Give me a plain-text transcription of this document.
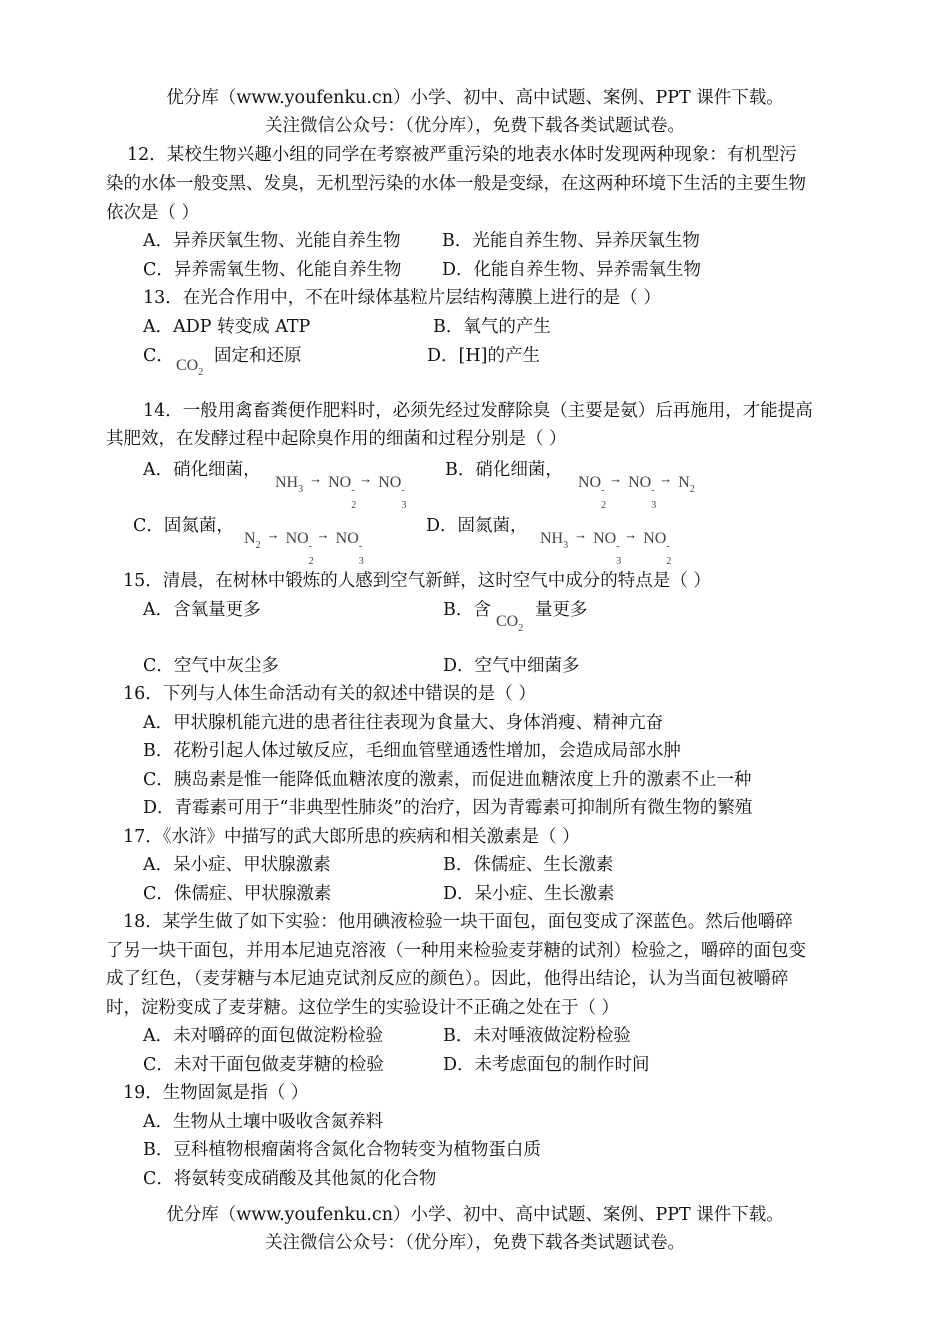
优分库（www.youfenku.cn）小学、初中、高中试题、案例、PPT 课件下载。
关注微信公众号：（优分库），免费下载各类试题试卷。
12．某校生物兴趣小组的同学在考察被严重污染的地表水体时发现两种现象：有机型污
染的水体一般变黑、发臭，无机型污染的水体一般是变绿，在这两种环境下生活的主要生物
依次是（ ）
A．异养厌氧生物、光能自养生物 B．光能自养生物、异养厌氧生物
C．异养需氧生物、化能自养生物 D．化能自养生物、异养需氧生物
13．在光合作用中，不在叶绿体基粒片层结构薄膜上进行的是（ ）
A．ADP 转变成 ATP	B．氧气的产生
C． $CO_2$
固定和还原	D．[H]的产生
14．一般用禽畜粪便作肥料时，必须先经过发酵除臭（主要是氨）后再施用，才能提高
其肥效，在发酵过程中起除臭作用的细菌和过程分别是（ ）
A．硝化细菌，
$NH_3^\to$ NO -
2
→ NO -
3
B．硝化细菌，
NO -
2
→ NO -
3
→ $N_2$
C．固氮菌，
$N_2^\to$ NO -
2
→ NO -
3
D．固氮菌，
$NH_3^\to$ NO -
3
→ NO -
2
15．清晨，在树林中锻炼的人感到空气新鲜，这时空气中成分的特点是（ ）
A．含氧量更多	B．含
$CO_2$
量更多
C．空气中灰尘多	D．空气中细菌多
16．下列与人体生命活动有关的叙述中错误的是（ ）
A．甲状腺机能亢进的患者往往表现为食量大、身体消瘦、精神亢奋
B．花粉引起人体过敏反应，毛细血管壁通透性增加，会造成局部水肿
C．胰岛素是惟一能降低血糖浓度的激素，而促进血糖浓度上升的激素不止一种
D．青霉素可用于“非典型性肺炎”的治疗，因为青霉素可抑制所有微生物的繁殖
17．《水浒》中描写的武大郎所患的疾病和相关激素是（ ）
A．呆小症、甲状腺激素	B．侏儒症、生长激素
C．侏儒症、甲状腺激素	D．呆小症、生长激素
18．某学生做了如下实验：他用碘液检验一块干面包，面包变成了深蓝色。然后他嚼碎
了另一块干面包，并用本尼迪克溶液（一种用来检验麦芽糖的试剂）检验之，嚼碎的面包变
成了红色，（麦芽糖与本尼迪克试剂反应的颜色）。因此，他得出结论，认为当面包被嚼碎
时，淀粉变成了麦芽糖。这位学生的实验设计不正确之处在于（ ）
A．未对嚼碎的面包做淀粉检验	B．未对唾液做淀粉检验
C．未对干面包做麦芽糖的检验	D．未考虑面包的制作时间
19．生物固氮是指（ ）
A．生物从土壤中吸收含氮养料
B．豆科植物根瘤菌将含氮化合物转变为植物蛋白质
C．将氨转变成硝酸及其他氮的化合物
优分库（www.youfenku.cn）小学、初中、高中试题、案例、PPT 课件下载。
关注微信公众号：（优分库），免费下载各类试题试卷。
